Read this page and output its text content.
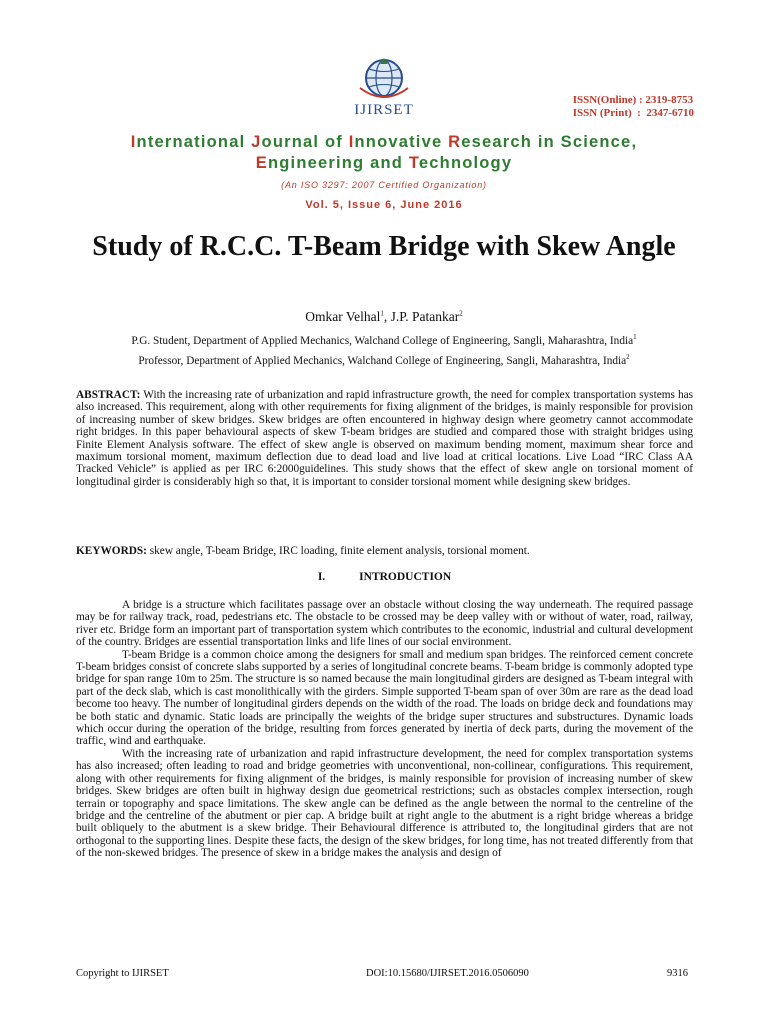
IJIRSET
ISSN(Online) : 2319-8753
ISSN (Print)  :  2347-6710
International Journal of Innovative Research in Science,
Engineering and Technology
(An ISO 3297: 2007 Certified Organization)
Vol. 5, Issue 6, June 2016
Study of R.C.C. T-Beam Bridge with Skew Angle
Omkar Velhal$^1$, J.P. Patankar$^2$
P.G. Student, Department of Applied Mechanics, Walchand College of Engineering, Sangli, Maharashtra, India$^1$
Professor, Department of Applied Mechanics, Walchand College of Engineering, Sangli, Maharashtra, India$^2$
ABSTRACT: With the increasing rate of urbanization and rapid infrastructure growth, the need for complex transportation systems has also increased. This requirement, along with other requirements for fixing alignment of the bridges, is mainly responsible for provision of increasing number of skew bridges. Skew bridges are often encountered in highway design where geometry cannot accommodate right bridges. In this paper behavioural aspects of skew T-beam bridges are studied and compared those with straight bridges using Finite Element Analysis software. The effect of skew angle is observed on maximum bending moment, maximum shear force and maximum torsional moment, maximum deflection due to dead load and live load at critical locations. Live Load “IRC Class AA Tracked Vehicle” is applied as per IRC 6:2000guidelines. This study shows that the effect of skew angle on torsional moment of longitudinal girder is considerably high so that, it is important to consider torsional moment while designing skew bridges.
KEYWORDS: skew angle, T-beam Bridge, IRC loading, finite element analysis, torsional moment.
I.	INTRODUCTION

A bridge is a structure which facilitates passage over an obstacle without closing the way underneath. The required passage may be for railway track, road, pedestrians etc. The obstacle to be crossed may be deep valley with or without of water, road, railway, river etc. Bridge form an important part of transportation system which contributes to the economic, industrial and cultural development of the country. Bridges are essential transportation links and life lines of our social environment.

T-beam Bridge is a common choice among the designers for small and medium span bridges. The reinforced cement concrete T-beam bridges consist of concrete slabs supported by a series of longitudinal concrete beams. T-beam bridge is commonly adopted type bridge for span range 10m to 25m. The structure is so named because the main longitudinal girders are designed as T-beam integral with part of the deck slab, which is cast monolithically with the girders. Simple supported T-beam span of over 30m are rare as the dead load become too heavy. The number of longitudinal girders depends on the width of the road. The loads on bridge deck and foundations may be both static and dynamic. Static loads are principally the weights of the bridge super structures and substructures. Dynamic loads which occur during the operation of the bridge, resulting from forces generated by inertia of deck parts, during the movement of the traffic, wind and earthquake.

With the increasing rate of urbanization and rapid infrastructure development, the need for complex transportation systems has also increased; often leading to road and bridge geometries with unconventional, non-collinear, configurations. This requirement, along with other requirements for fixing alignment of the bridges, is mainly responsible for provision of increasing number of skew bridges. Skew bridges are often built in highway design due geometrical restrictions; such as obstacles complex intersection, rough terrain or topography and space limitations. The skew angle can be defined as the angle between the normal to the centreline of the bridge and the centreline of the abutment or pier cap. A bridge built at right angle to the abutment is a right bridge whereas a bridge built obliquely to the abutment is a skew bridge. Their Behavioural difference is attributed to, the longitudinal girders that are not orthogonal to the supporting lines. Despite these facts, the design of the skew bridges, for long time, has not treated differently from that of the non-skewed bridges. The presence of skew in a bridge makes the analysis and design of

Copyright to IJIRSET	DOI:10.15680/IJIRSET.2016.0506090	9316
